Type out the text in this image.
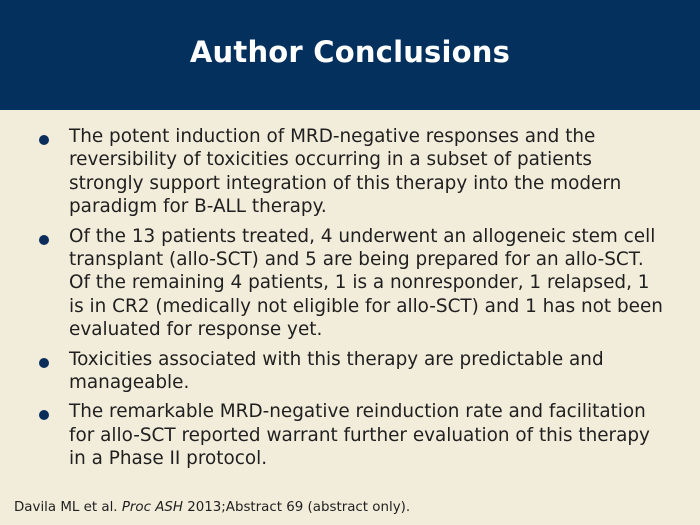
Author Conclusions
The potent induction of MRD-negative responses and the reversibility of toxicities occurring in a subset of patients strongly support integration of this therapy into the modern paradigm for B-ALL therapy.
Of the 13 patients treated, 4 underwent an allogeneic stem cell transplant (allo-SCT) and 5 are being prepared for an allo-SCT. Of the remaining 4 patients, 1 is a nonresponder, 1 relapsed, 1 is in CR2 (medically not eligible for allo-SCT) and 1 has not been evaluated for response yet.
Toxicities associated with this therapy are predictable and manageable.
The remarkable MRD-negative reinduction rate and facilitation for allo-SCT reported warrant further evaluation of this therapy in a Phase II protocol.
Davila ML et al. Proc ASH 2013;Abstract 69 (abstract only).
